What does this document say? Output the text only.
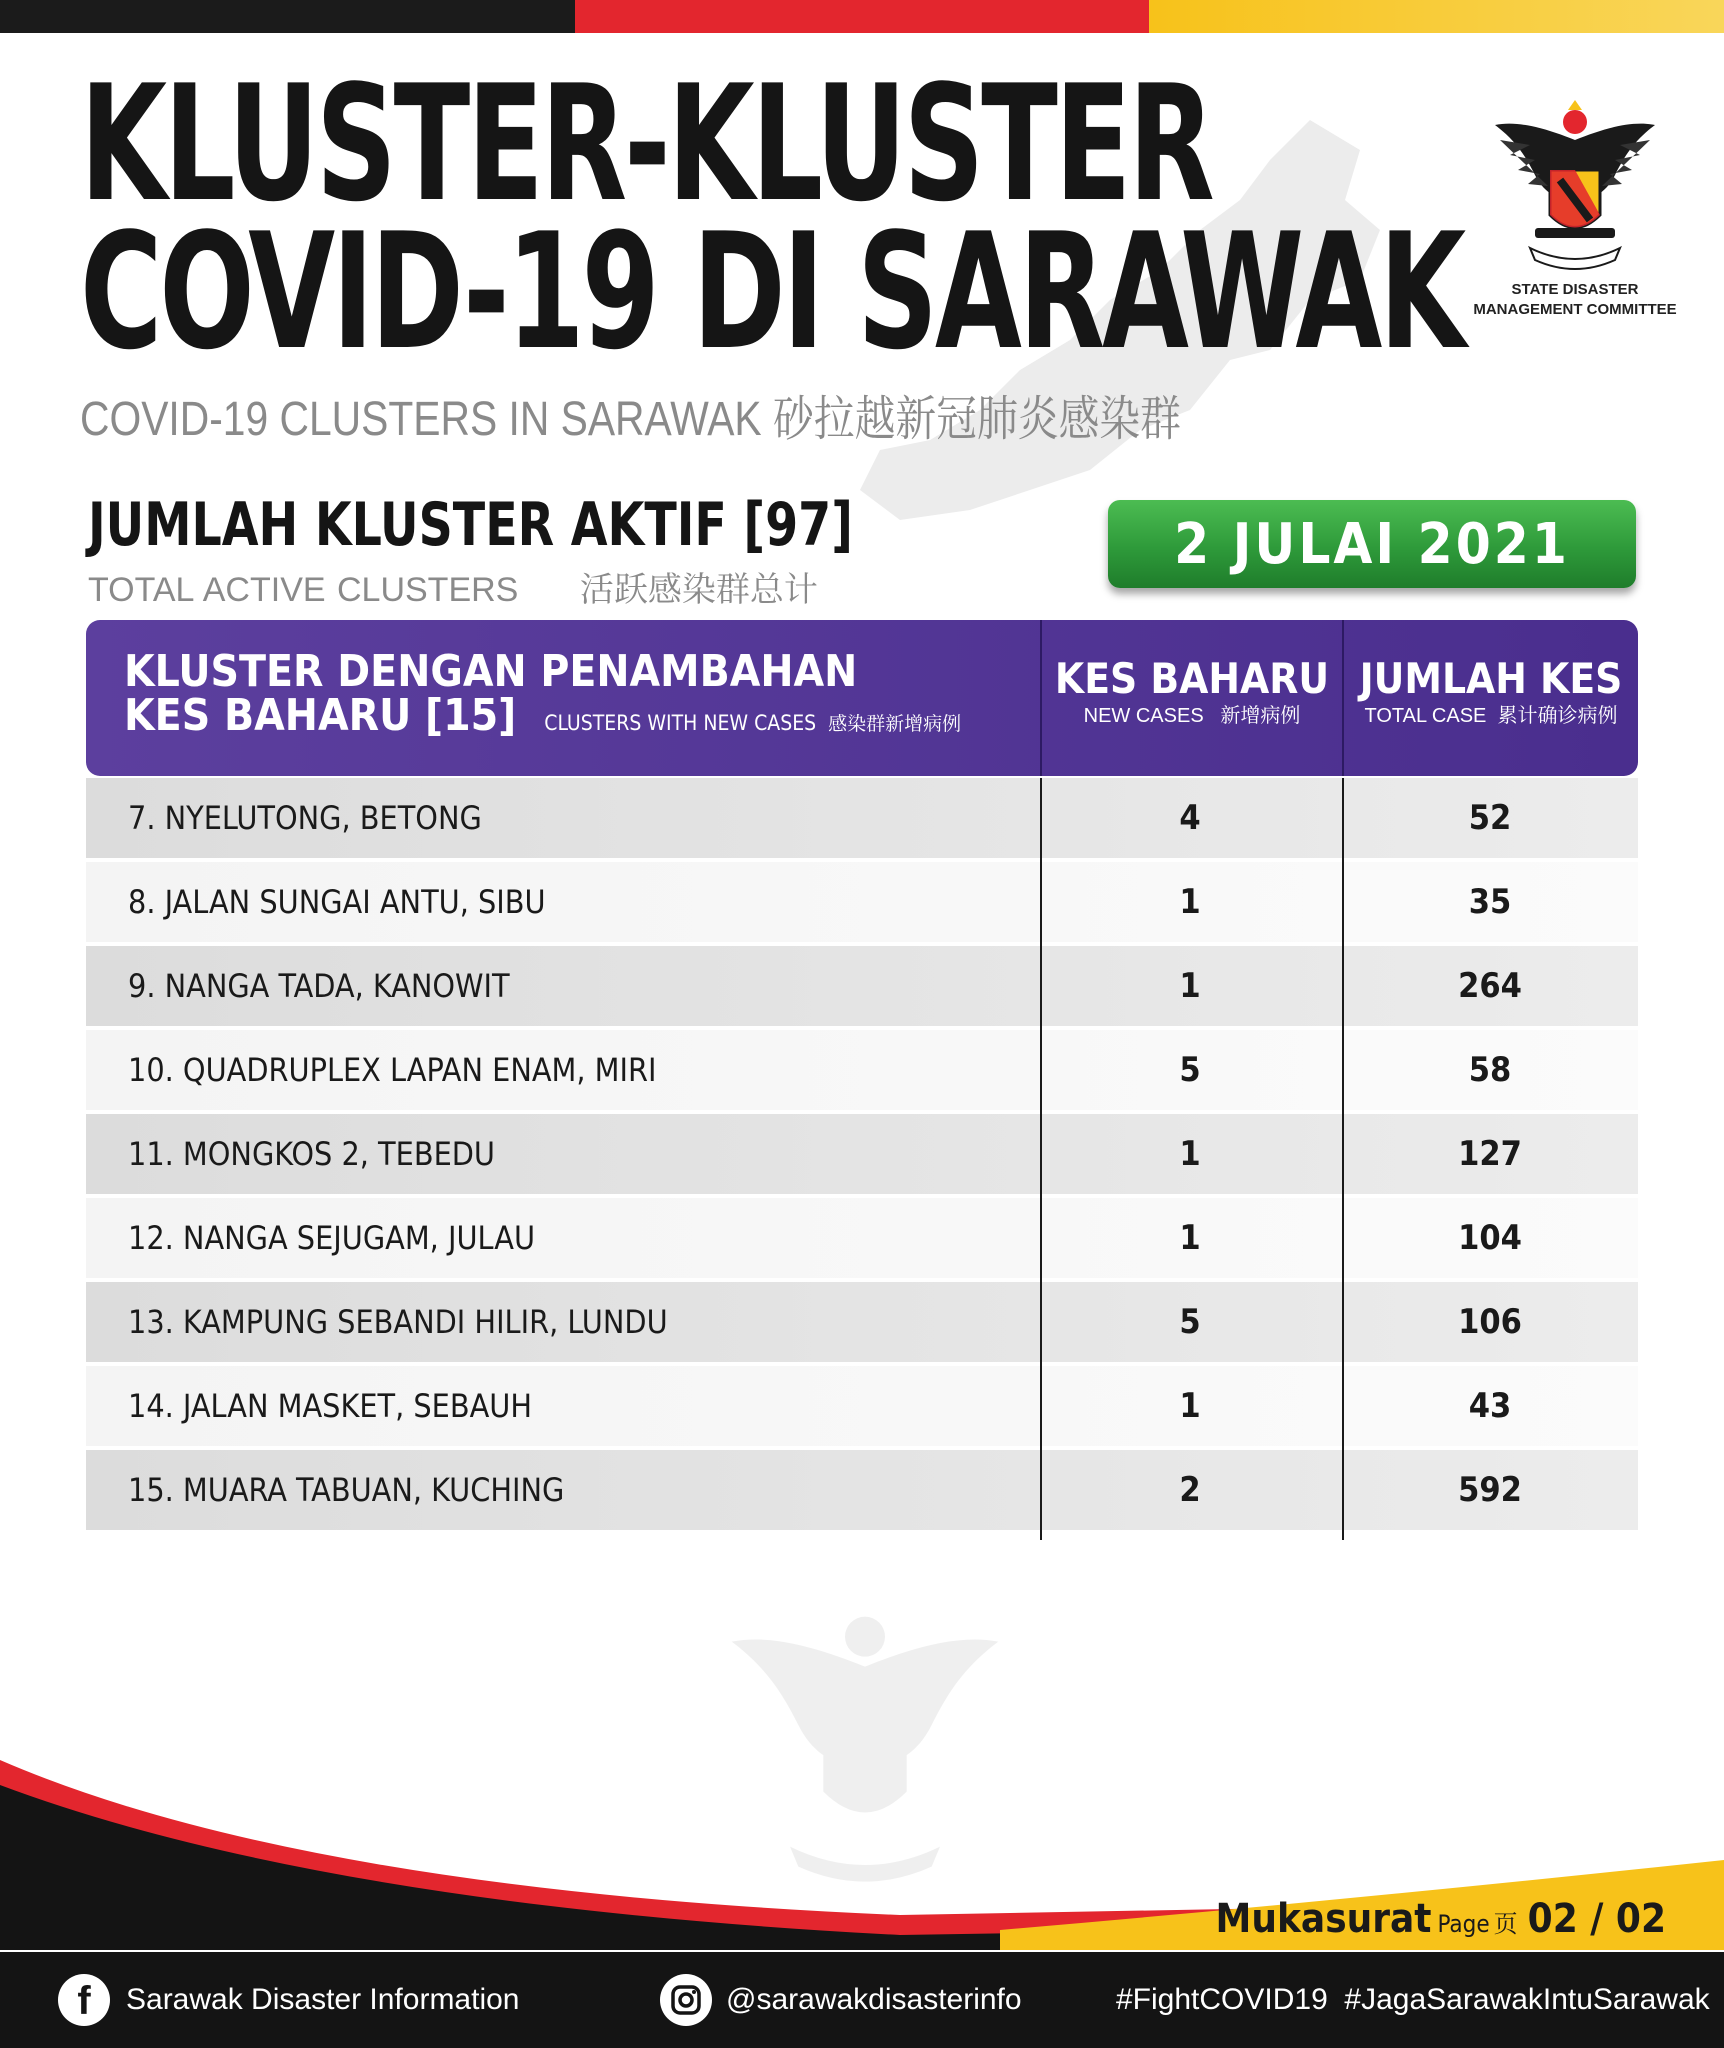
KLUSTER-KLUSTER
COVID-19 DI SARAWAK
COVID-19 CLUSTERS IN SARAWAK 砂拉越新冠肺炎感染群
STATE DISASTER
MANAGEMENT COMMITTEE
JUMLAH KLUSTER AKTIF [97]
TOTAL ACTIVE CLUSTERS 活跃感染群总计
2 JULAI 2021
KLUSTER DENGAN PENAMBAHAN
KES BAHARU [15] CLUSTERS WITH NEW CASES 感染群新增病例
KES BAHARU
NEW CASES 新增病例
JUMLAH KES
TOTAL CASE 累计确诊病例
7. NYELUTONG, BETONG	4	52
8. JALAN SUNGAI ANTU, SIBU	1	35
9. NANGA TADA, KANOWIT	1	264
10. QUADRUPLEX LAPAN ENAM, MIRI	5	58
11. MONGKOS 2, TEBEDU	1	127
12. NANGA SEJUGAM, JULAU	1	104
13. KAMPUNG SEBANDI HILIR, LUNDU	5	106
14. JALAN MASKET, SEBAUH	1	43
15. MUARA TABUAN, KUCHING	2	592
Mukasurat Page 页 02 / 02
f	Sarawak Disaster Information	@sarawakdisasterinfo	#FightCOVID19  #JagaSarawakIntuSarawak
